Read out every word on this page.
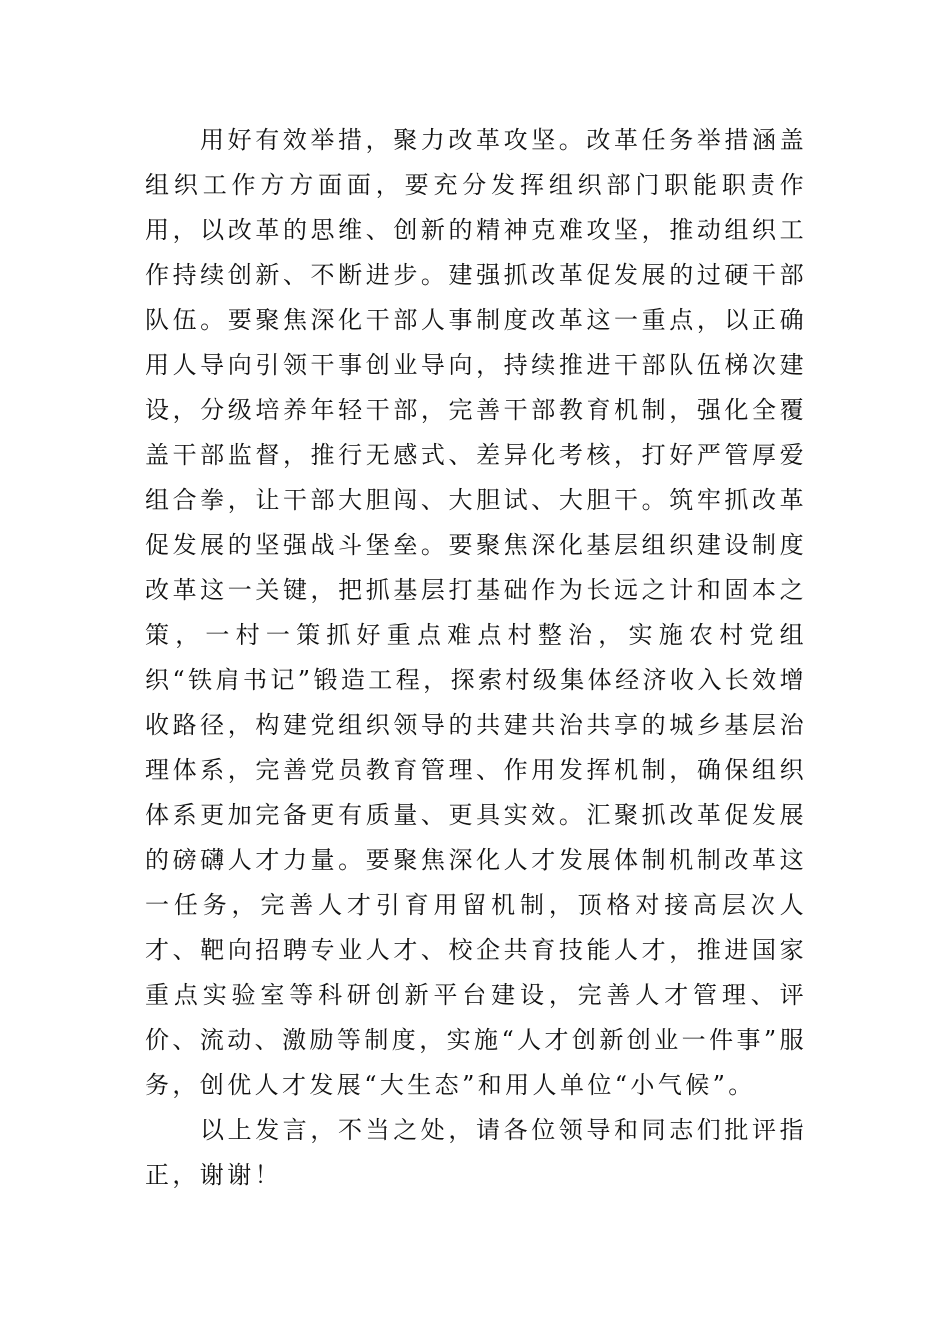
用好有效举措，聚力改革攻坚。改革任务举措涵盖组织工作方方面面，要充分发挥组织部门职能职责作用，以改革的思维、创新的精神克难攻坚，推动组织工作持续创新、不断进步。建强抓改革促发展的过硬干部队伍。要聚焦深化干部人事制度改革这一重点，以正确用人导向引领干事创业导向，持续推进干部队伍梯次建设，分级培养年轻干部，完善干部教育机制，强化全覆盖干部监督，推行无感式、差异化考核，打好严管厚爱组合拳，让干部大胆闯、大胆试、大胆干。筑牢抓改革促发展的坚强战斗堡垒。要聚焦深化基层组织建设制度改革这一关键，把抓基层打基础作为长远之计和固本之策，一村一策抓好重点难点村整治，实施农村党组织“铁肩书记”锻造工程，探索村级集体经济收入长效增收路径，构建党组织领导的共建共治共享的城乡基层治理体系，完善党员教育管理、作用发挥机制，确保组织体系更加完备更有质量、更具实效。汇聚抓改革促发展的磅礴人才力量。要聚焦深化人才发展体制机制改革这一任务，完善人才引育用留机制，顶格对接高层次人才、靶向招聘专业人才、校企共育技能人才，推进国家重点实验室等科研创新平台建设，完善人才管理、评价、流动、激励等制度，实施“人才创新创业一件事”服务，创优人才发展“大生态”和用人单位“小气候”。

以上发言，不当之处，请各位领导和同志们批评指正，谢谢！
